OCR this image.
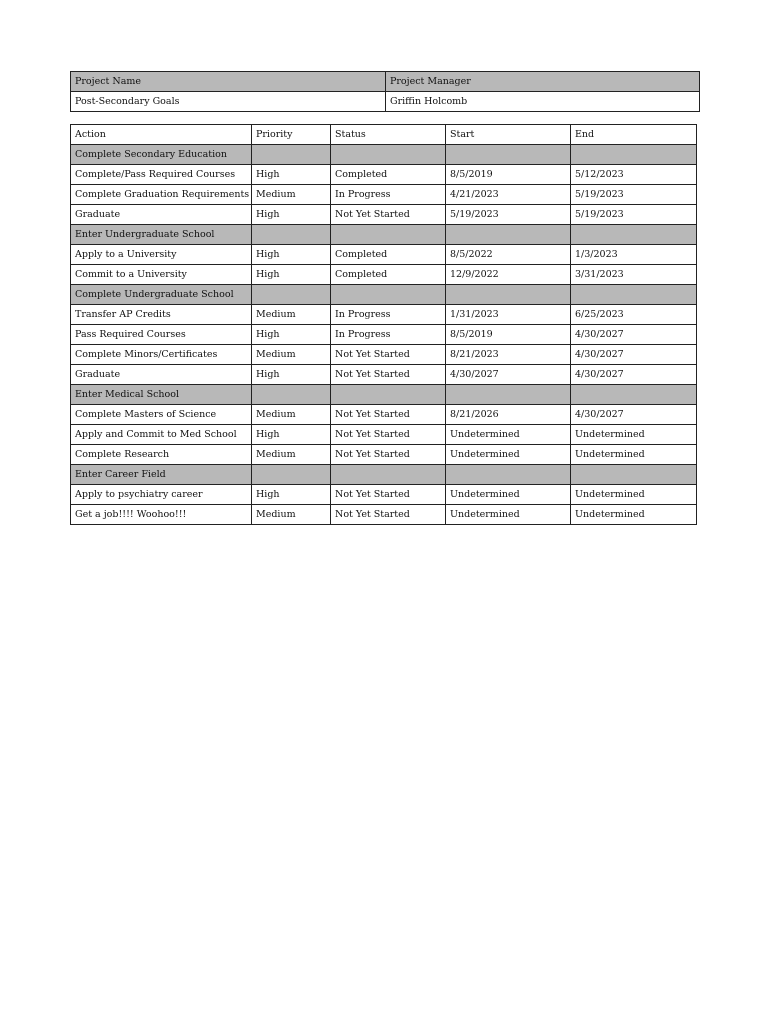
Project Name	Project Manager
Post-Secondary Goals	Griffin Holcomb
Action	Priority	Status	Start	End
Complete Secondary Education				
Complete/Pass Required Courses	High	Completed	8/5/2019	5/12/2023
Complete Graduation Requirements	Medium	In Progress	4/21/2023	5/19/2023
Graduate	High	Not Yet Started	5/19/2023	5/19/2023
Enter Undergraduate School				
Apply to a University	High	Completed	8/5/2022	1/3/2023
Commit to a University	High	Completed	12/9/2022	3/31/2023
Complete Undergraduate School				
Transfer AP Credits	Medium	In Progress	1/31/2023	6/25/2023
Pass Required Courses	High	In Progress	8/5/2019	4/30/2027
Complete Minors/Certificates	Medium	Not Yet Started	8/21/2023	4/30/2027
Graduate	High	Not Yet Started	4/30/2027	4/30/2027
Enter Medical School				
Complete Masters of Science	Medium	Not Yet Started	8/21/2026	4/30/2027
Apply and Commit to Med School	High	Not Yet Started	Undetermined	Undetermined
Complete Research	Medium	Not Yet Started	Undetermined	Undetermined
Enter Career Field				
Apply to psychiatry career	High	Not Yet Started	Undetermined	Undetermined
Get a job!!!! Woohoo!!!	Medium	Not Yet Started	Undetermined	Undetermined
